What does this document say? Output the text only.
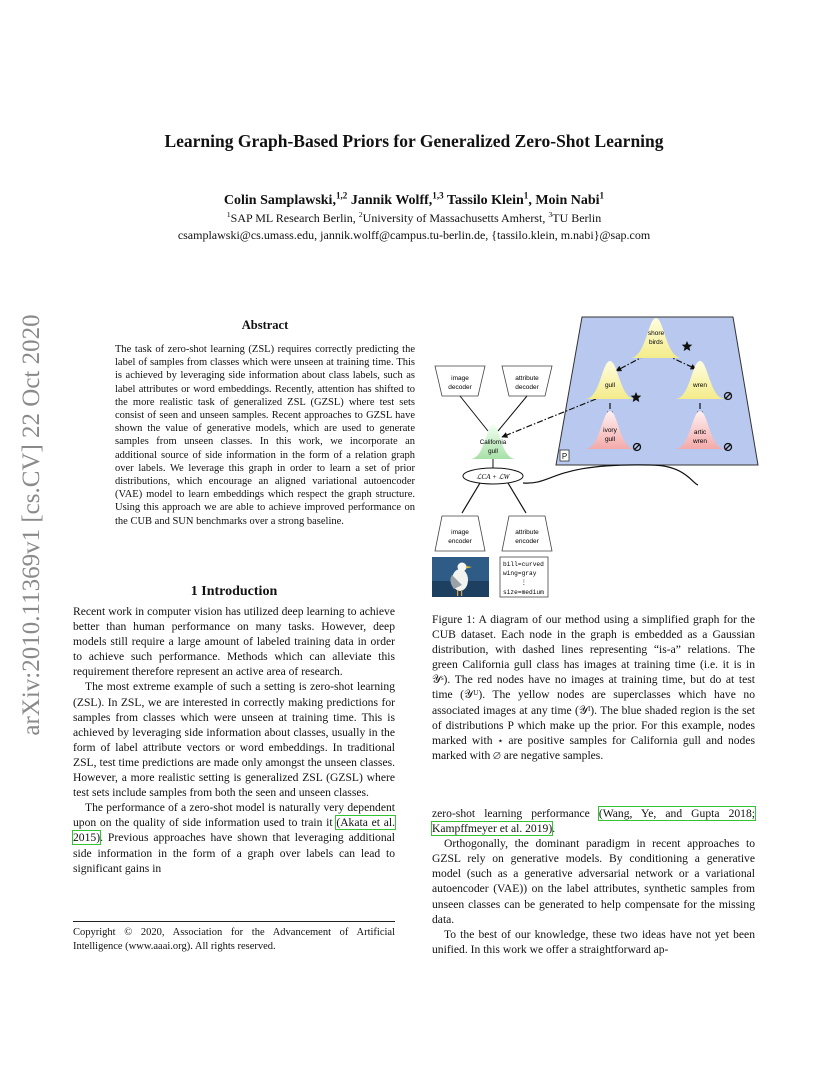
arXiv:2010.11369v1 [cs.CV] 22 Oct 2020
Learning Graph-Based Priors for Generalized Zero-Shot Learning
Colin Samplawski,$^{1,2}$ Jannik Wolff,$^{1,3}$ Tassilo Klein$^1$, Moin Nabi$^1$
$^1$SAP ML Research Berlin, $^2$University of Massachusetts Amherst, $^3$TU Berlin
csamplawski@cs.umass.edu, jannik.wolff@campus.tu-berlin.de, {tassilo.klein, m.nabi}@sap.com
Abstract
The task of zero-shot learning (ZSL) requires correctly predicting the label of samples from classes which were unseen at training time. This is achieved by leveraging side information about class labels, such as label attributes or word embeddings. Recently, attention has shifted to the more realistic task of generalized ZSL (GZSL) where test sets consist of seen and unseen samples. Recent approaches to GZSL have shown the value of generative models, which are used to generate samples from unseen classes. In this work, we incorporate an additional source of side information in the form of a relation graph over labels. We leverage this graph in order to learn a set of prior distributions, which encourage an aligned variational autoencoder (VAE) model to learn embeddings which respect the graph structure. Using this approach we are able to achieve improved performance on the CUB and SUN benchmarks over a strong baseline.
1 Introduction

Recent work in computer vision has utilized deep learning to achieve better than human performance on many tasks. However, deep models still require a large amount of labeled training data in order to achieve such performance. Methods which can alleviate this requirement therefore represent an active area of research.

The most extreme example of such a setting is zero-shot learning (ZSL). In ZSL, we are interested in correctly making predictions for samples from classes which were unseen at training time. This is achieved by leveraging side information about classes, usually in the form of label attribute vectors or word embeddings. In traditional ZSL, test time predictions are made only amongst the unseen classes. However, a more realistic setting is generalized ZSL (GZSL) where test sets include samples from both the seen and unseen classes.

The performance of a zero-shot model is naturally very dependent upon on the quality of side information used to train it (Akata et al. 2015). Previous approaches have shown that leveraging additional side information in the form of a graph over labels can lead to significant gains in

Copyright © 2020, Association for the Advancement of Artificial Intelligence (www.aaai.org). All rights reserved.
P
shore
birds
gull	wren
ivory
gull
artic
wren
image
decoder
attribute
decoder
California
gull
ℒCA + ℒW
image
encoder
attribute
encoder
bill=curved
wing=gray
⋮
size=medium
Figure 1: A diagram of our method using a simplified graph for the CUB dataset. Each node in the graph is embedded as a Gaussian distribution, with dashed lines representing “is-a” relations. The green California gull class has images at training time (i.e. it is in 𝒴ˢ). The red nodes have no images at training time, but do at test time (𝒴ᵁ). The yellow nodes are superclasses which have no associated images at any time (𝒴ᴵ). The blue shaded region is the set of distributions P which make up the prior. For this example, nodes marked with ⋆ are positive samples for California gull and nodes marked with ∅ are negative samples.

zero-shot learning performance (Wang, Ye, and Gupta 2018; Kampffmeyer et al. 2019).

Orthogonally, the dominant paradigm in recent approaches to GZSL rely on generative models. By conditioning a generative model (such as a generative adversarial network or a variational autoencoder (VAE)) on the label attributes, synthetic samples from unseen classes can be generated to help compensate for the missing data.

To the best of our knowledge, these two ideas have not yet been unified. In this work we offer a straightforward ap-
